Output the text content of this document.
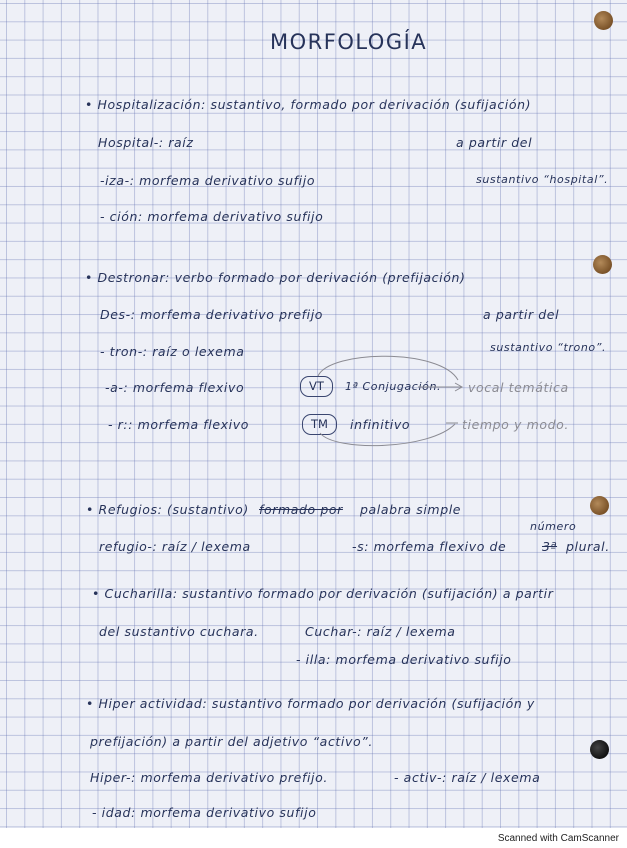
MORFOLOGÍA
• Hospitalización: sustantivo, formado por derivación (sufijación)
Hospital-: raíz	a partir del
-iza-: morfema derivativo sufijo	sustantivo “hospital”.
- ción: morfema derivativo sufijo
• Destronar: verbo formado por derivación (prefijación)
Des-: morfema derivativo prefijo	a partir del
- tron-: raíz o lexema	sustantivo “trono”.
-a-: morfema flexivo	VT	1ª Conjugación. vocal temática
- r:: morfema flexivo	TM	infinitivo	tiempo y modo.
• Refugios: (sustantivo) formado por palabra simple
número
refugio-: raíz / lexema	-s: morfema flexivo de	3ª plural.
• Cucharilla: sustantivo formado por derivación (sufijación) a partir
del sustantivo cuchara.	Cuchar-: raíz / lexema
- illa: morfema derivativo sufijo
• Hiper actividad: sustantivo formado por derivación (sufijación y
prefijación) a partir del adjetivo “activo”.
Hiper-: morfema derivativo prefijo.	- activ-: raíz / lexema
- idad: morfema derivativo sufijo
Scanned with CamScanner
